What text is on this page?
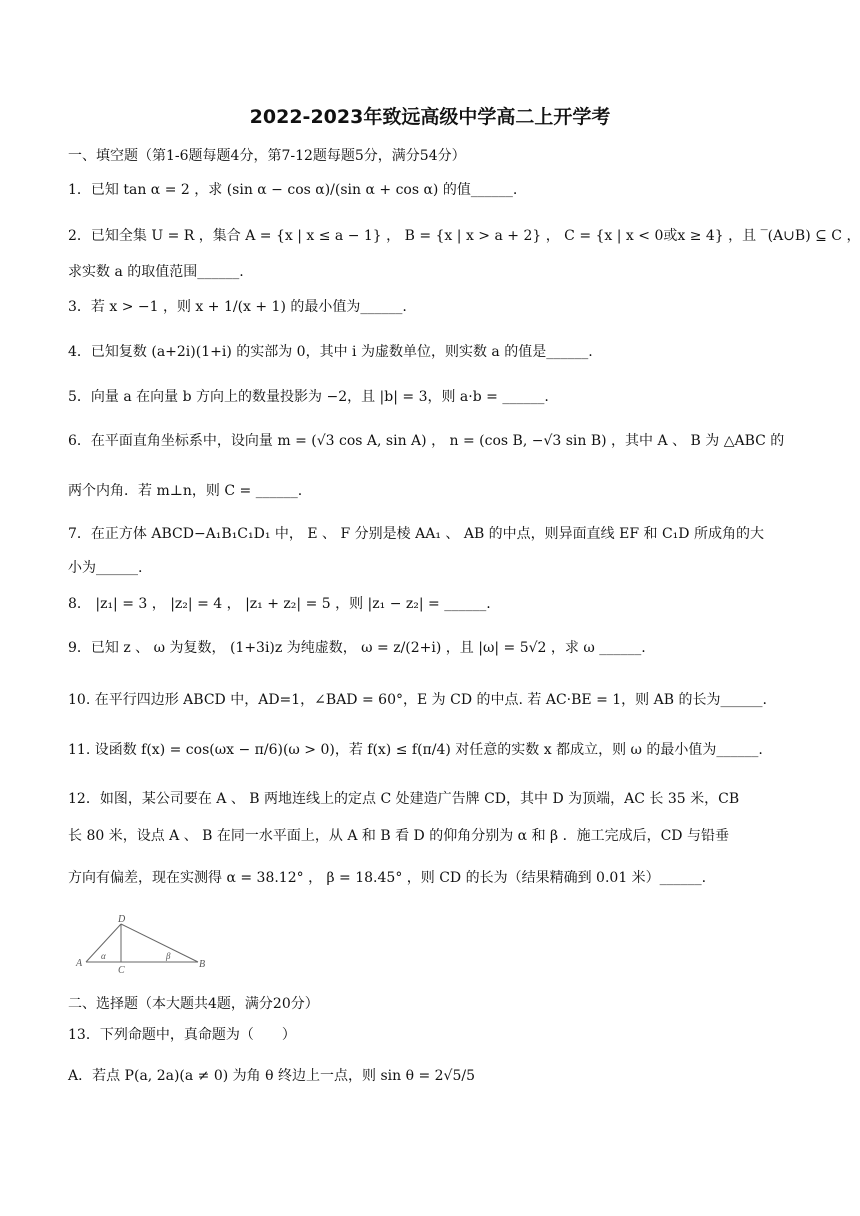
2022-2023年致远高级中学高二上开学考
一、填空题（第1-6题每题4分，第7-12题每题5分，满分54分）
1．已知 tan α = 2 ，求 (sin α − cos α)/(sin α + cos α) 的值______.
2．已知全集 U = R ，集合 A = {x | x ≤ a − 1} ， B = {x | x > a + 2} ， C = {x | x < 0或x ≥ 4} ，且 ‾(A∪B) ⊆ C ，
求实数 a 的取值范围______.
3．若 x > −1 ，则 x + 1/(x + 1) 的最小值为______.
4．已知复数 (a+2i)(1+i) 的实部为 0，其中 i 为虚数单位，则实数 a 的值是______.
5．向量 a 在向量 b 方向上的数量投影为 −2，且 |b| = 3，则 a·b = ______.
6．在平面直角坐标系中，设向量 m = (√3 cos A, sin A) ， n = (cos B, −√3 sin B) ，其中 A 、 B 为 △ABC 的
两个内角．若 m⊥n，则 C = ______.
7．在正方体 ABCD−A₁B₁C₁D₁ 中， E 、 F 分别是棱 AA₁ 、 AB 的中点，则异面直线 EF 和 C₁D 所成角的大
小为______.
8． |z₁| = 3 ， |z₂| = 4 ， |z₁ + z₂| = 5 ，则 |z₁ − z₂| = ______.
9．已知 z 、 ω 为复数， (1+3i)z 为纯虚数， ω = z/(2+i) ，且 |ω| = 5√2 ，求 ω ______.
10. 在平行四边形 ABCD 中，AD=1，∠BAD = 60°，E 为 CD 的中点. 若 AC·BE = 1，则 AB 的长为______.
11. 设函数 f(x) = cos(ωx − π/6)(ω > 0)，若 f(x) ≤ f(π/4) 对任意的实数 x 都成立，则 ω 的最小值为______.
12．如图，某公司要在 A 、 B 两地连线上的定点 C 处建造广告牌 CD，其中 D 为顶端，AC 长 35 米，CB
长 80 米，设点 A 、 B 在同一水平面上，从 A 和 B 看 D 的仰角分别为 α 和 β ．施工完成后，CD 与铅垂
方向有偏差，现在实测得 α = 38.12° ， β = 18.45° ，则 CD 的长为（结果精确到 0.01 米）______.
A	B
C
D
α	β
二、选择题（本大题共4题，满分20分）
13．下列命题中，真命题为（　　）
A．若点 P(a, 2a)(a ≠ 0) 为角 θ 终边上一点，则 sin θ = 2√5/5
